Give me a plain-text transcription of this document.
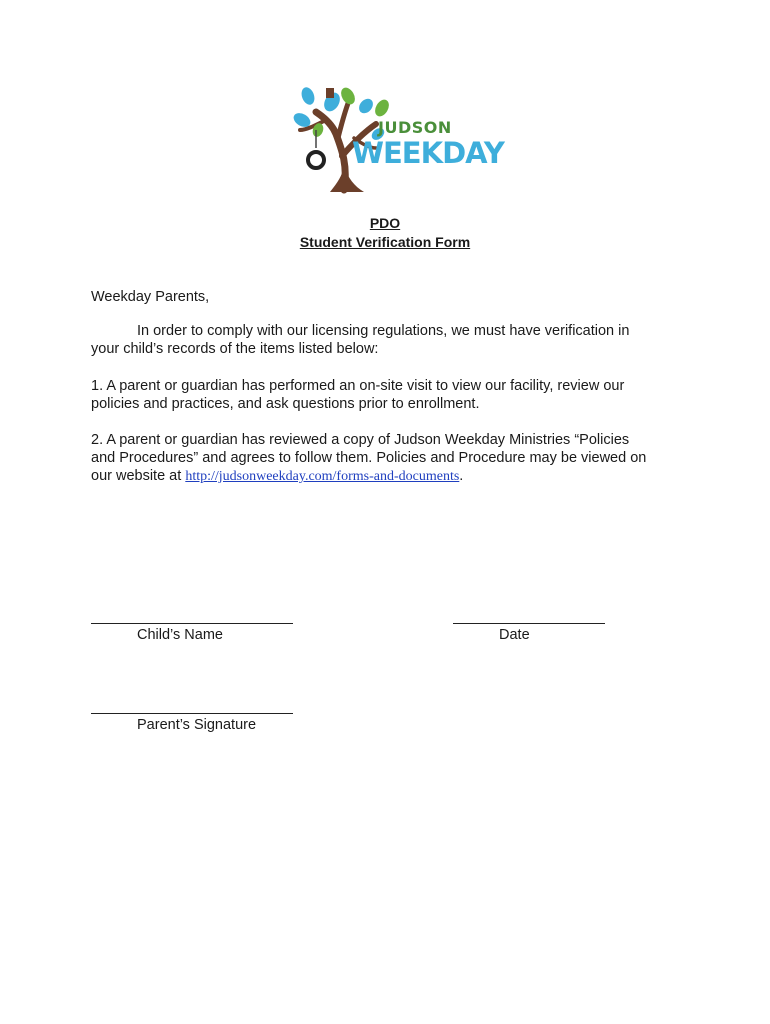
JUDSON
WEEKDAY
PDO
Student Verification Form
Weekday Parents,
In order to comply with our licensing regulations, we must have verification in
your child’s records of the items listed below:
1. A parent or guardian has performed an on-site visit to view our facility, review our
policies and practices, and ask questions prior to enrollment.
2. A parent or guardian has reviewed a copy of Judson Weekday Ministries “Policies
and Procedures” and agrees to follow them. Policies and Procedure may be viewed on
our website at http://judsonweekday.com/forms-and-documents.
Child’s Name	Date
Parent’s Signature
